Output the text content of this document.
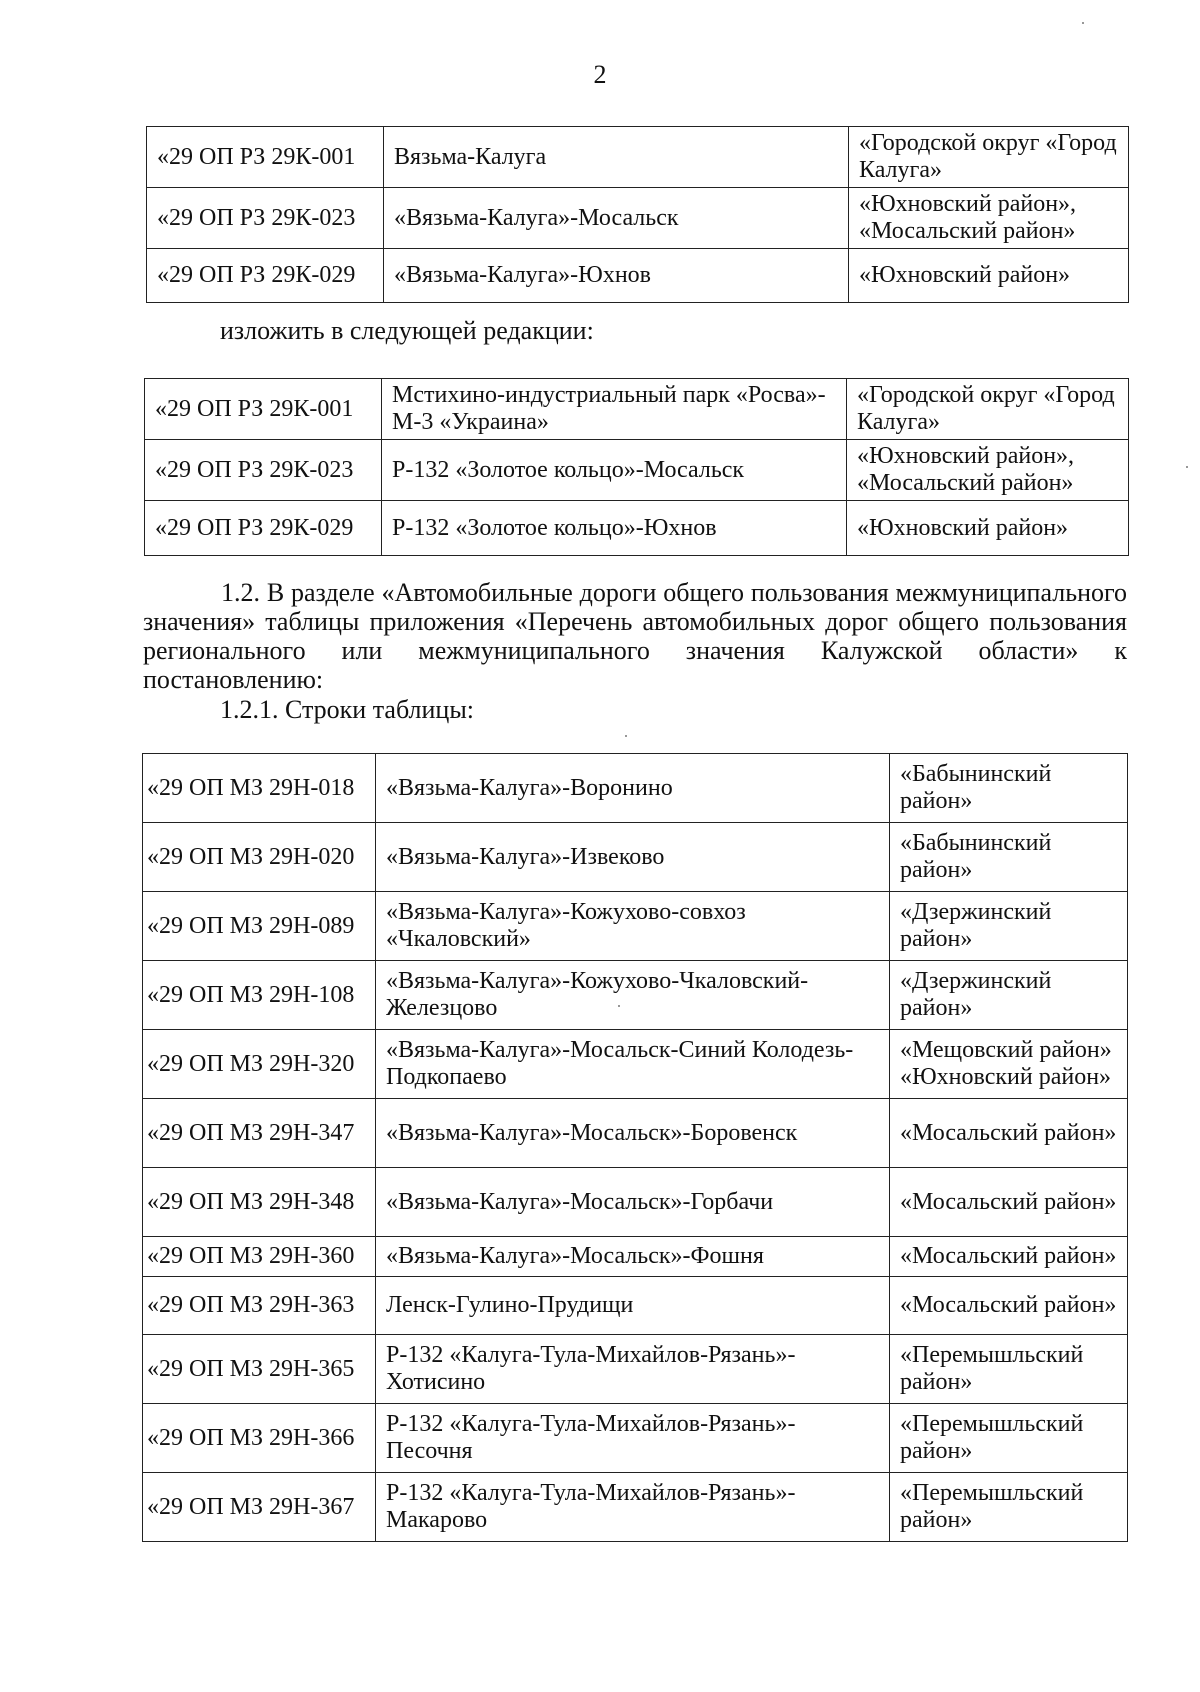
2
«29 ОП РЗ 29К-001	Вязьма-Калуга	«Городской округ «Город Калуга»
«29 ОП РЗ 29К-023	«Вязьма-Калуга»-Мосальск	«Юхновский район», «Мосальский район»
«29 ОП РЗ 29К-029	«Вязьма-Калуга»-Юхнов	«Юхновский район»
изложить в следующей редакции:
«29 ОП РЗ 29К-001	Мстихино-индустриальный парк «Росва»-М-3 «Украина»	«Городской округ «Город Калуга»
«29 ОП РЗ 29К-023	Р-132 «Золотое кольцо»-Мосальск	«Юхновский район», «Мосальский район»
«29 ОП РЗ 29К-029	Р-132 «Золотое кольцо»-Юхнов	«Юхновский район»
1.2. В разделе «Автомобильные дороги общего пользования межмуниципального значения» таблицы приложения «Перечень автомобильных дорог общего пользования регионального или межмуниципального значения Калужской области» к постановлению:
1.2.1. Строки таблицы:
«29 ОП МЗ 29Н-018	«Вязьма-Калуга»-Воронино	«Бабынинский район»
«29 ОП МЗ 29Н-020	«Вязьма-Калуга»-Извеково	«Бабынинский район»
«29 ОП МЗ 29Н-089	«Вязьма-Калуга»-Кожухово-совхоз «Чкаловский»	«Дзержинский район»
«29 ОП МЗ 29Н-108	«Вязьма-Калуга»-Кожухово-Чкаловский-Железцово	«Дзержинский район»
«29 ОП МЗ 29Н-320	«Вязьма-Калуга»-Мосальск-Синий Колодезь-Подкопаево	«Мещовский район» «Юхновский район»
«29 ОП МЗ 29Н-347	«Вязьма-Калуга»-Мосальск»-Боровенск	«Мосальский район»
«29 ОП МЗ 29Н-348	«Вязьма-Калуга»-Мосальск»-Горбачи	«Мосальский район»
«29 ОП МЗ 29Н-360	«Вязьма-Калуга»-Мосальск»-Фошня	«Мосальский район»
«29 ОП МЗ 29Н-363	Ленск-Гулино-Прудищи	«Мосальский район»
«29 ОП МЗ 29Н-365	Р-132 «Калуга-Тула-Михайлов-Рязань»-Хотисино	«Перемышльский район»
«29 ОП МЗ 29Н-366	Р-132 «Калуга-Тула-Михайлов-Рязань»-Песочня	«Перемышльский район»
«29 ОП МЗ 29Н-367	Р-132 «Калуга-Тула-Михайлов-Рязань»-Макарово	«Перемышльский район»
